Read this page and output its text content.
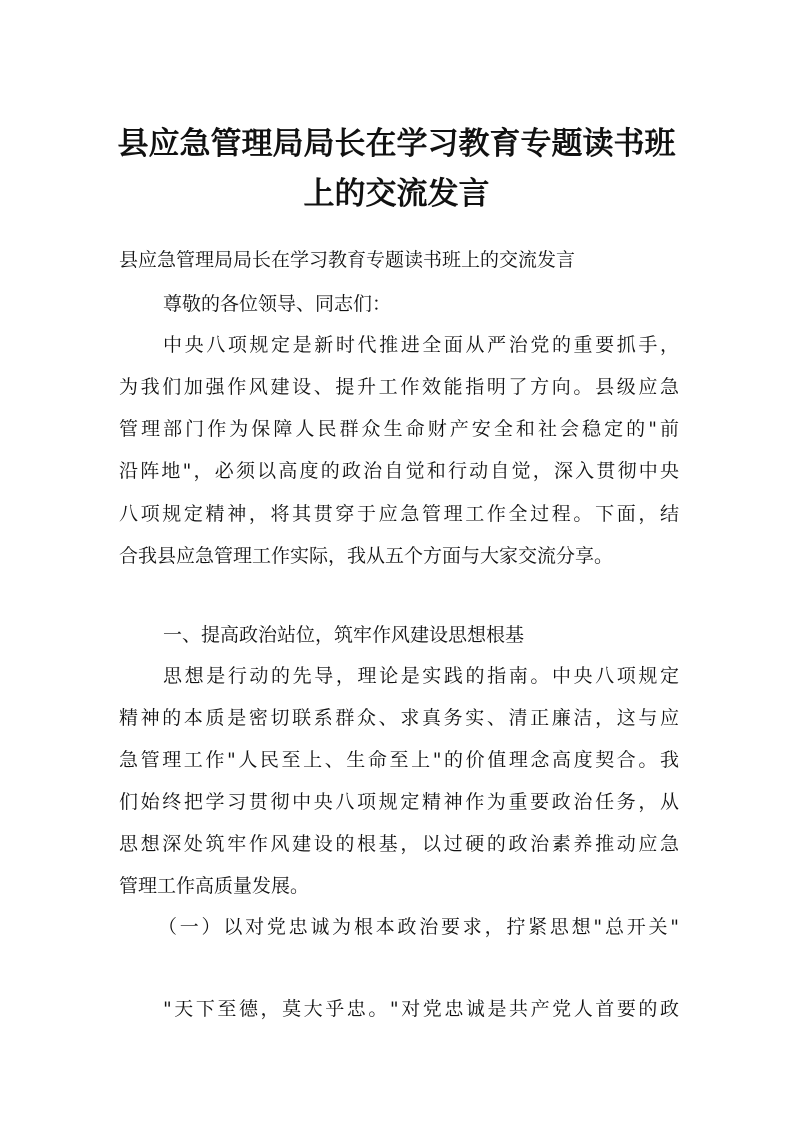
县应急管理局局长在学习教育专题读书班
上的交流发言
县应急管理局局长在学习教育专题读书班上的交流发言
尊敬的各位领导、同志们：
中央八项规定是新时代推进全面从严治党的重要抓手，
为我们加强作风建设、提升工作效能指明了方向。县级应急
管理部门作为保障人民群众生命财产安全和社会稳定的"前
沿阵地"，必须以高度的政治自觉和行动自觉，深入贯彻中央
八项规定精神，将其贯穿于应急管理工作全过程。下面，结
合我县应急管理工作实际，我从五个方面与大家交流分享。
一、提高政治站位，筑牢作风建设思想根基
思想是行动的先导，理论是实践的指南。中央八项规定
精神的本质是密切联系群众、求真务实、清正廉洁，这与应
急管理工作"人民至上、生命至上"的价值理念高度契合。我
们始终把学习贯彻中央八项规定精神作为重要政治任务，从
思想深处筑牢作风建设的根基，以过硬的政治素养推动应急
管理工作高质量发展。
（一）以对党忠诚为根本政治要求，拧紧思想"总开关"
"天下至德，莫大乎忠。"对党忠诚是共产党人首要的政
